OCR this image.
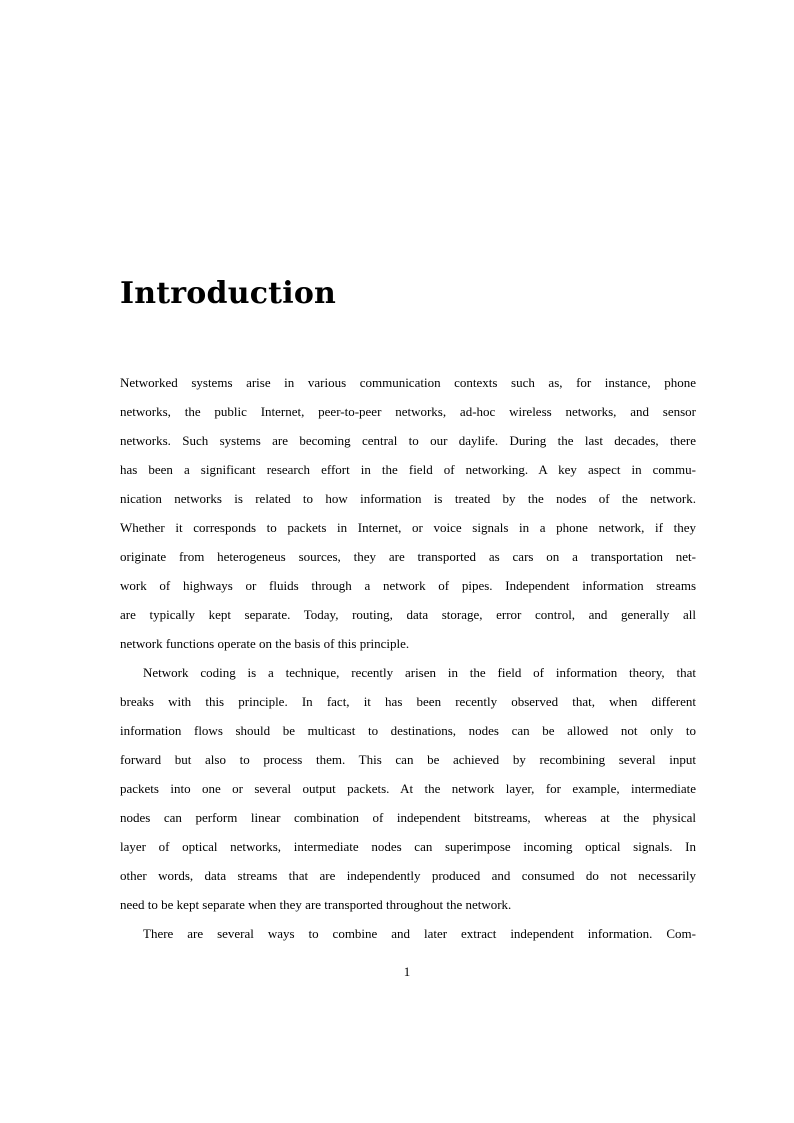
Introduction
Networked systems arise in various communication contexts such as, for instance, phone
networks, the public Internet, peer-to-peer networks, ad-hoc wireless networks, and sensor
networks. Such systems are becoming central to our daylife. During the last decades, there
has been a significant research effort in the field of networking. A key aspect in commu-
nication networks is related to how information is treated by the nodes of the network.
Whether it corresponds to packets in Internet, or voice signals in a phone network, if they
originate from heterogeneus sources, they are transported as cars on a transportation net-
work of highways or fluids through a network of pipes. Independent information streams
are typically kept separate. Today, routing, data storage, error control, and generally all
network functions operate on the basis of this principle.
Network coding is a technique, recently arisen in the field of information theory, that
breaks with this principle. In fact, it has been recently observed that, when different
information flows should be multicast to destinations, nodes can be allowed not only to
forward but also to process them. This can be achieved by recombining several input
packets into one or several output packets. At the network layer, for example, intermediate
nodes can perform linear combination of independent bitstreams, whereas at the physical
layer of optical networks, intermediate nodes can superimpose incoming optical signals. In
other words, data streams that are independently produced and consumed do not necessarily
need to be kept separate when they are transported throughout the network.
There are several ways to combine and later extract independent information. Com-
1
